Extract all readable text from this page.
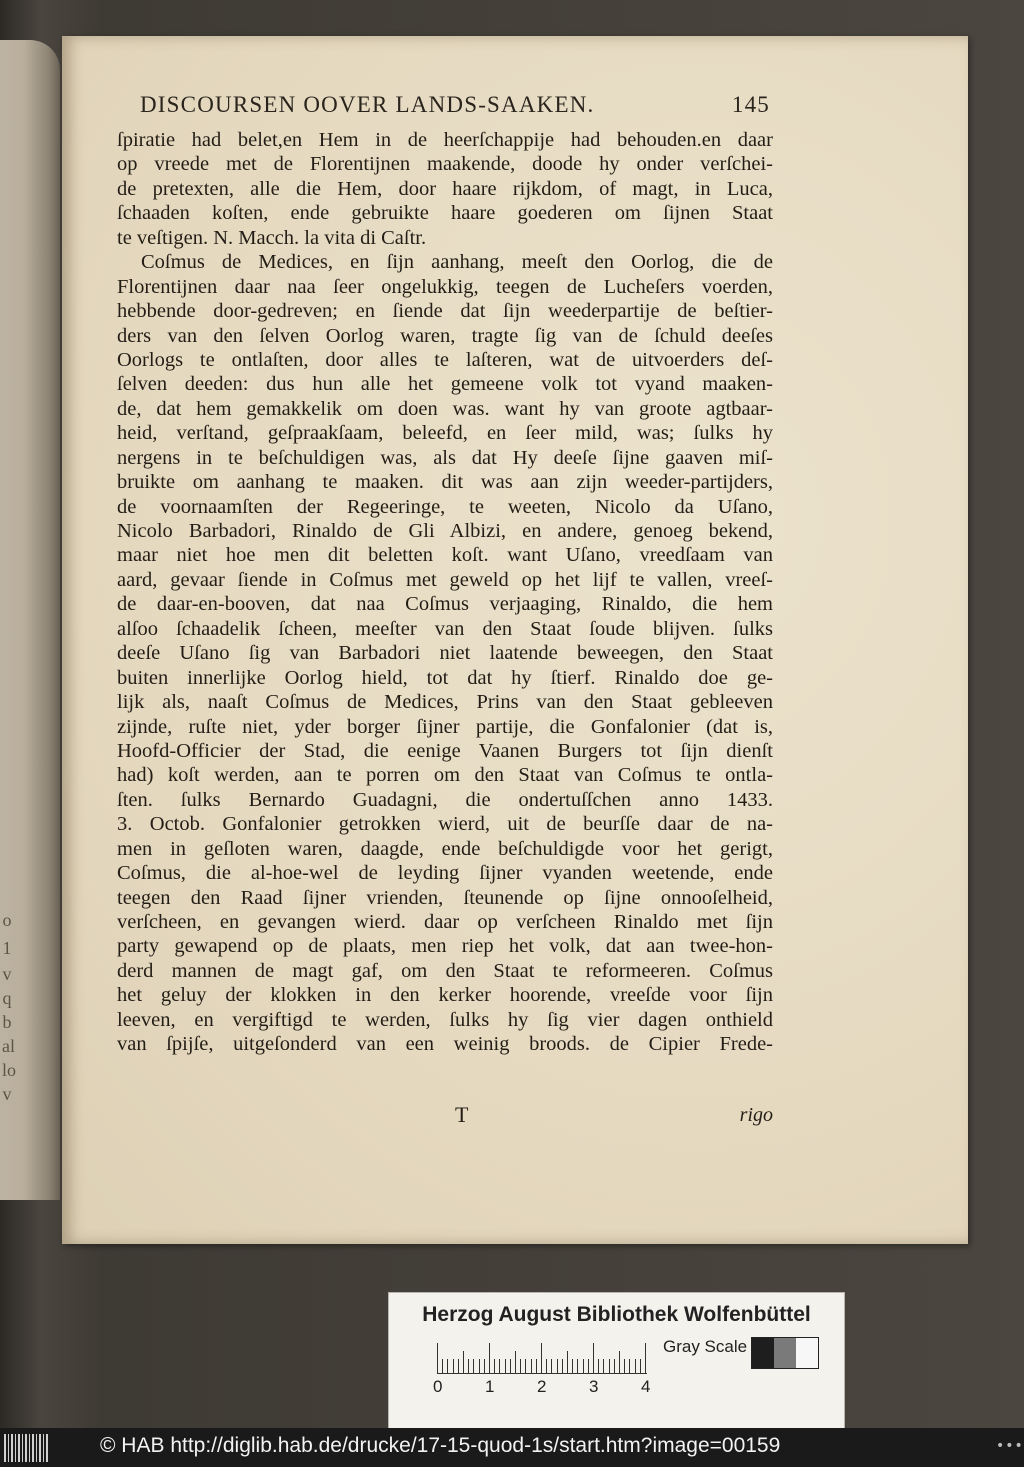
o
1
v
q
b
al
lo
v
DISCOURSEN OOVER LANDS-SAAKEN.	145
ſpiratie had belet,en Hem in de heerſchappije had behouden.en daar
op vreede met de Florentijnen maakende, doode hy onder verſchei-
de pretexten, alle die Hem, door haare rijkdom, of magt, in Luca,
ſchaaden koſten, ende gebruikte haare goederen om ſijnen Staat
te veſtigen. N. Macch. la vita di Caſtr.
Coſmus de Medices, en ſijn aanhang, meeſt den Oorlog, die de
Florentijnen daar naa ſeer ongelukkig, teegen de Lucheſers voerden,
hebbende door-gedreven; en ſiende dat ſijn weederpartije de beſtier-
ders van den ſelven Oorlog waren, tragte ſig van de ſchuld deeſes
Oorlogs te ontlaſten, door alles te laſteren, wat de uitvoerders deſ-
ſelven deeden: dus hun alle het gemeene volk tot vyand maaken-
de, dat hem gemakkelik om doen was. want hy van groote agtbaar-
heid, verſtand, geſpraakſaam, beleefd, en ſeer mild, was; ſulks hy
nergens in te beſchuldigen was, als dat Hy deeſe ſijne gaaven miſ-
bruikte om aanhang te maaken. dit was aan zijn weeder-partijders,
de voornaamſten der Regeeringe, te weeten, Nicolo da Uſano,
Nicolo Barbadori, Rinaldo de Gli Albizi, en andere, genoeg bekend,
maar niet hoe men dit beletten koſt. want Uſano, vreedſaam van
aard, gevaar ſiende in Coſmus met geweld op het lijf te vallen, vreeſ-
de daar-en-booven, dat naa Coſmus verjaaging, Rinaldo, die hem
alſoo ſchaadelik ſcheen, meeſter van den Staat ſoude blijven. ſulks
deeſe Uſano ſig van Barbadori niet laatende beweegen, den Staat
buiten innerlijke Oorlog hield, tot dat hy ſtierf. Rinaldo doe ge-
lijk als, naaſt Coſmus de Medices, Prins van den Staat gebleeven
zijnde, ruſte niet, yder borger ſijner partije, die Gonfalonier (dat is,
Hoofd-Officier der Stad, die eenige Vaanen Burgers tot ſijn dienſt
had) koſt werden, aan te porren om den Staat van Coſmus te ontla-
ſten. ſulks Bernardo Guadagni, die ondertuſſchen anno 1433.
3. Octob. Gonfalonier getrokken wierd, uit de beurſſe daar de na-
men in geſloten waren, daagde, ende beſchuldigde voor het gerigt,
Coſmus, die al-hoe-wel de leyding ſijner vyanden weetende, ende
teegen den Raad ſijner vrienden, ſteunende op ſijne onnooſelheid,
verſcheen, en gevangen wierd. daar op verſcheen Rinaldo met ſijn
party gewapend op de plaats, men riep het volk, dat aan twee-hon-
derd mannen de magt gaf, om den Staat te reformeeren. Coſmus
het geluy der klokken in den kerker hoorende, vreeſde voor ſijn
leeven, en vergiftigd te werden, ſulks hy ſig vier dagen onthield
van ſpijſe, uitgeſonderd van een weinig broods. de Cipier Frede-
T	rigo
Herzog August Bibliothek Wolfenbüttel
0	1	2	3	4
Gray Scale
© HAB http://diglib.hab.de/drucke/17-15-quod-1s/start.htm?image=00159	•••
